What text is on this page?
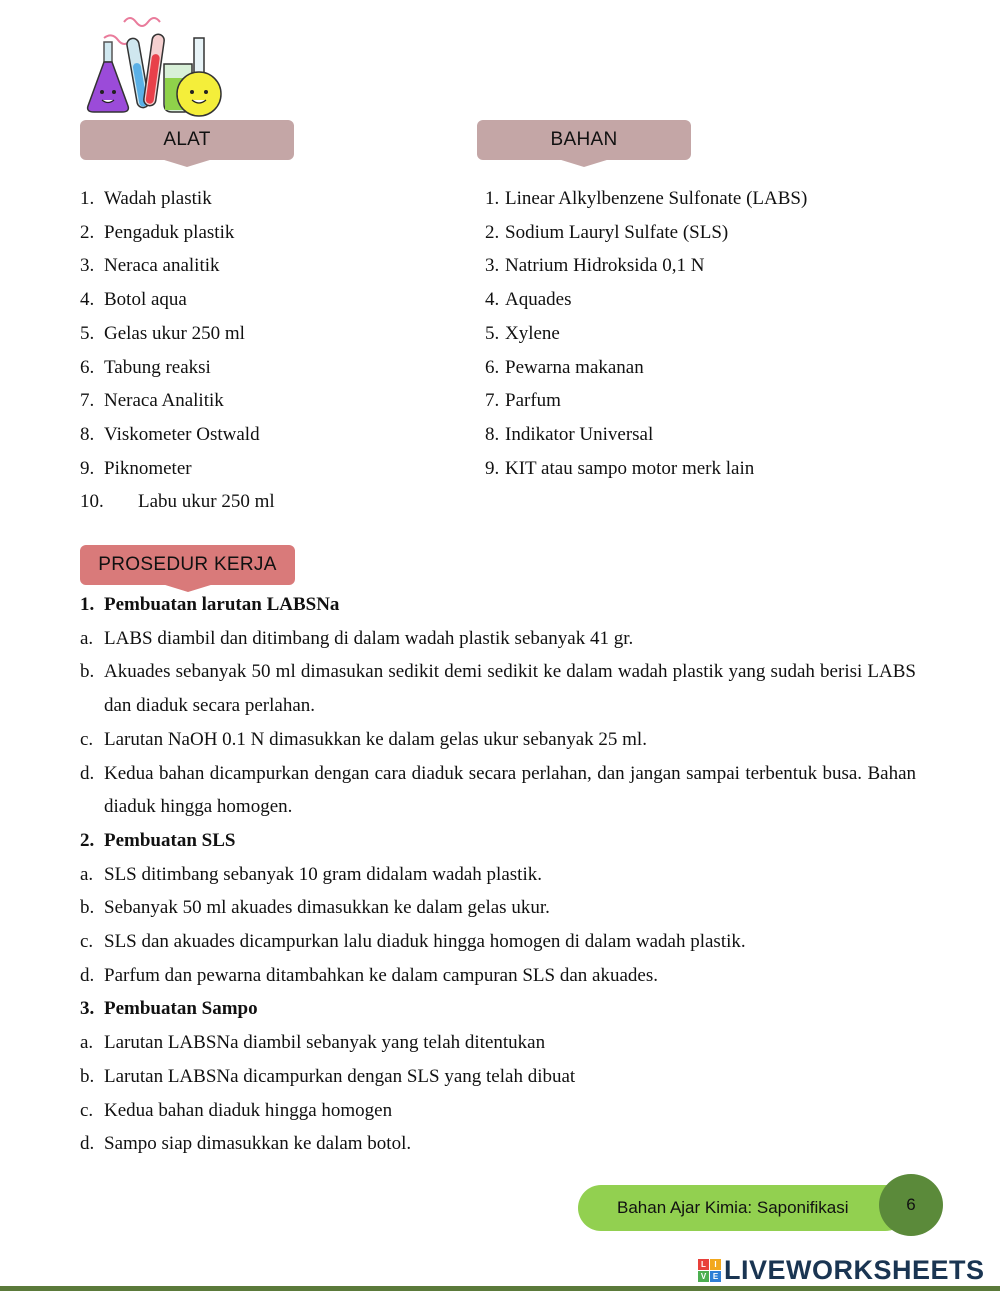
ALAT	BAHAN
1. Wadah plastik
2. Pengaduk plastik
3. Neraca analitik
4. Botol aqua
5. Gelas ukur 250 ml
6. Tabung reaksi
7. Neraca Analitik
8. Viskometer Ostwald
9. Piknometer
10.	Labu ukur 250 ml
1. Linear Alkylbenzene Sulfonate (LABS)
2. Sodium Lauryl Sulfate (SLS)
3. Natrium Hidroksida 0,1 N
4. Aquades
5. Xylene
6. Pewarna makanan
7. Parfum
8. Indikator Universal
9. KIT atau sampo motor merk lain
PROSEDUR KERJA
1. Pembuatan larutan LABSNa
a. LABS diambil dan ditimbang di dalam wadah plastik sebanyak 41 gr.
b. Akuades sebanyak 50 ml dimasukan sedikit demi sedikit ke dalam wadah plastik yang sudah berisi LABS dan diaduk secara perlahan.
c. Larutan NaOH 0.1 N dimasukkan ke dalam gelas ukur sebanyak 25 ml.
d. Kedua bahan dicampurkan dengan cara diaduk secara perlahan, dan jangan sampai terbentuk busa. Bahan diaduk hingga homogen.
2. Pembuatan SLS
a. SLS ditimbang sebanyak 10 gram didalam wadah plastik.
b. Sebanyak 50 ml akuades dimasukkan ke dalam gelas ukur.
c. SLS dan akuades dicampurkan lalu diaduk hingga homogen di dalam wadah plastik.
d. Parfum dan pewarna ditambahkan ke dalam campuran SLS dan akuades.
3. Pembuatan Sampo
a. Larutan LABSNa diambil sebanyak yang telah ditentukan
b. Larutan LABSNa dicampurkan dengan SLS yang telah dibuat
c. Kedua bahan diaduk hingga homogen
d. Sampo siap dimasukkan ke dalam botol.
Bahan Ajar Kimia: Saponifikasi	6
L	I
V E LIVEWORKSHEETS
